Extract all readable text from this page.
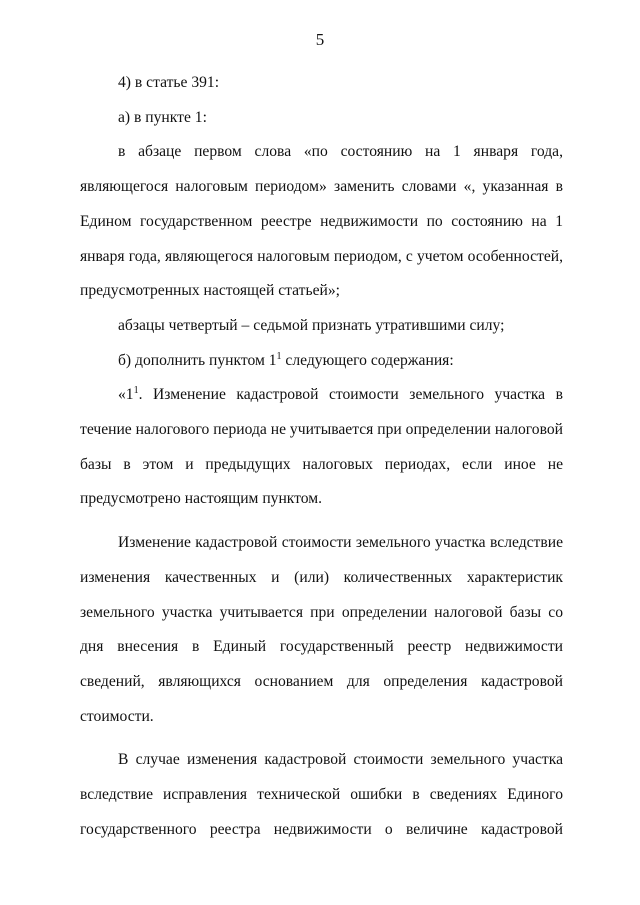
5

4) в статье 391:

а) в пункте 1:

в абзаце первом слова «по состоянию на 1 января года, являющегося налоговым периодом» заменить словами «, указанная в Едином государственном реестре недвижимости по состоянию на 1 января года, являющегося налоговым периодом, с учетом особенностей, предусмотренных настоящей статьей»;

абзацы четвертый – седьмой признать утратившими силу;

б) дополнить пунктом $1^1$ следующего содержания:

«$1^1$. Изменение кадастровой стоимости земельного участка в течение налогового периода не учитывается при определении налоговой базы в этом и предыдущих налоговых периодах, если иное не предусмотрено настоящим пунктом.

Изменение кадастровой стоимости земельного участка вследствие изменения качественных и (или) количественных характеристик земельного участка учитывается при определении налоговой базы со дня внесения в Единый государственный реестр недвижимости сведений, являющихся основанием для определения кадастровой стоимости.

В случае изменения кадастровой стоимости земельного участка вследствие исправления технической ошибки в сведениях Единого государственного реестра недвижимости о величине кадастровой
